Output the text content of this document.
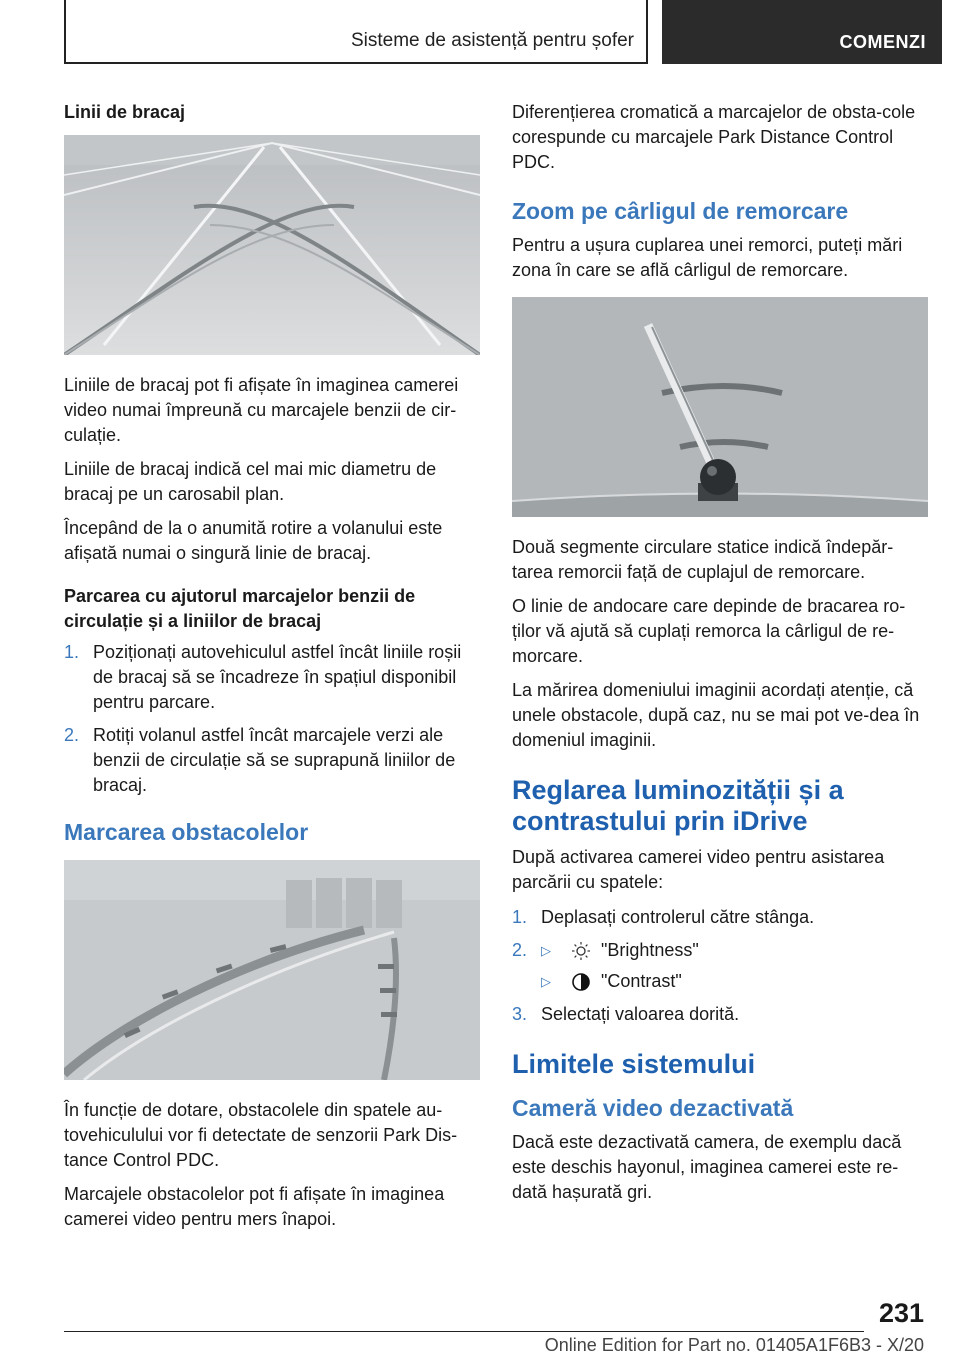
Sisteme de asistență pentru șofer	COMENZI
Linii de bracaj

Liniile de bracaj pot fi afișate în imaginea camerei video numai împreună cu marcajele benzii de cir-culație.

Liniile de bracaj indică cel mai mic diametru de bracaj pe un carosabil plan.

Începând de la o anumită rotire a volanului este afișată numai o singură linie de bracaj.

Parcarea cu ajutorul marcajelor benzii de circulație și a liniilor de bracaj
1. Poziționați autovehiculul astfel încât liniile roșii de bracaj să se încadreze în spațiul disponibil pentru parcare.
2. Rotiți volanul astfel încât marcajele verzi ale benzii de circulație să se suprapună liniilor de bracaj.
Marcarea obstacolelor

În funcție de dotare, obstacolele din spatele au-tovehiculului vor fi detectate de senzorii Park Dis-tance Control PDC.

Marcajele obstacolelor pot fi afișate în imaginea camerei video pentru mers înapoi.

Diferențierea cromatică a marcajelor de obsta-cole corespunde cu marcajele Park Distance Control PDC.

Zoom pe cârligul de remorcare

Pentru a ușura cuplarea unei remorci, puteți mări zona în care se află cârligul de remorcare.

Două segmente circulare statice indică îndepăr-tarea remorcii față de cuplajul de remorcare.

O linie de andocare care depinde de bracarea ro-ților vă ajută să cuplați remorca la cârligul de re-morcare.

La mărirea domeniului imaginii acordați atenție, că unele obstacole, după caz, nu se mai pot ve-dea în domeniul imaginii.

Reglarea luminozității și a contrastului prin iDrive

După activarea camerei video pentru asistarea parcării cu spatele:

1. Deplasați controlerul către stânga.
2. ▷	"Brightness"
▷	"Contrast"
3. Selectați valoarea dorită.
Limitele sistemului
Cameră video dezactivată

Dacă este dezactivată camera, de exemplu dacă este deschis hayonul, imaginea camerei este re-dată hașurată gri.

231
Online Edition for Part no. 01405A1F6B3 - X/20
